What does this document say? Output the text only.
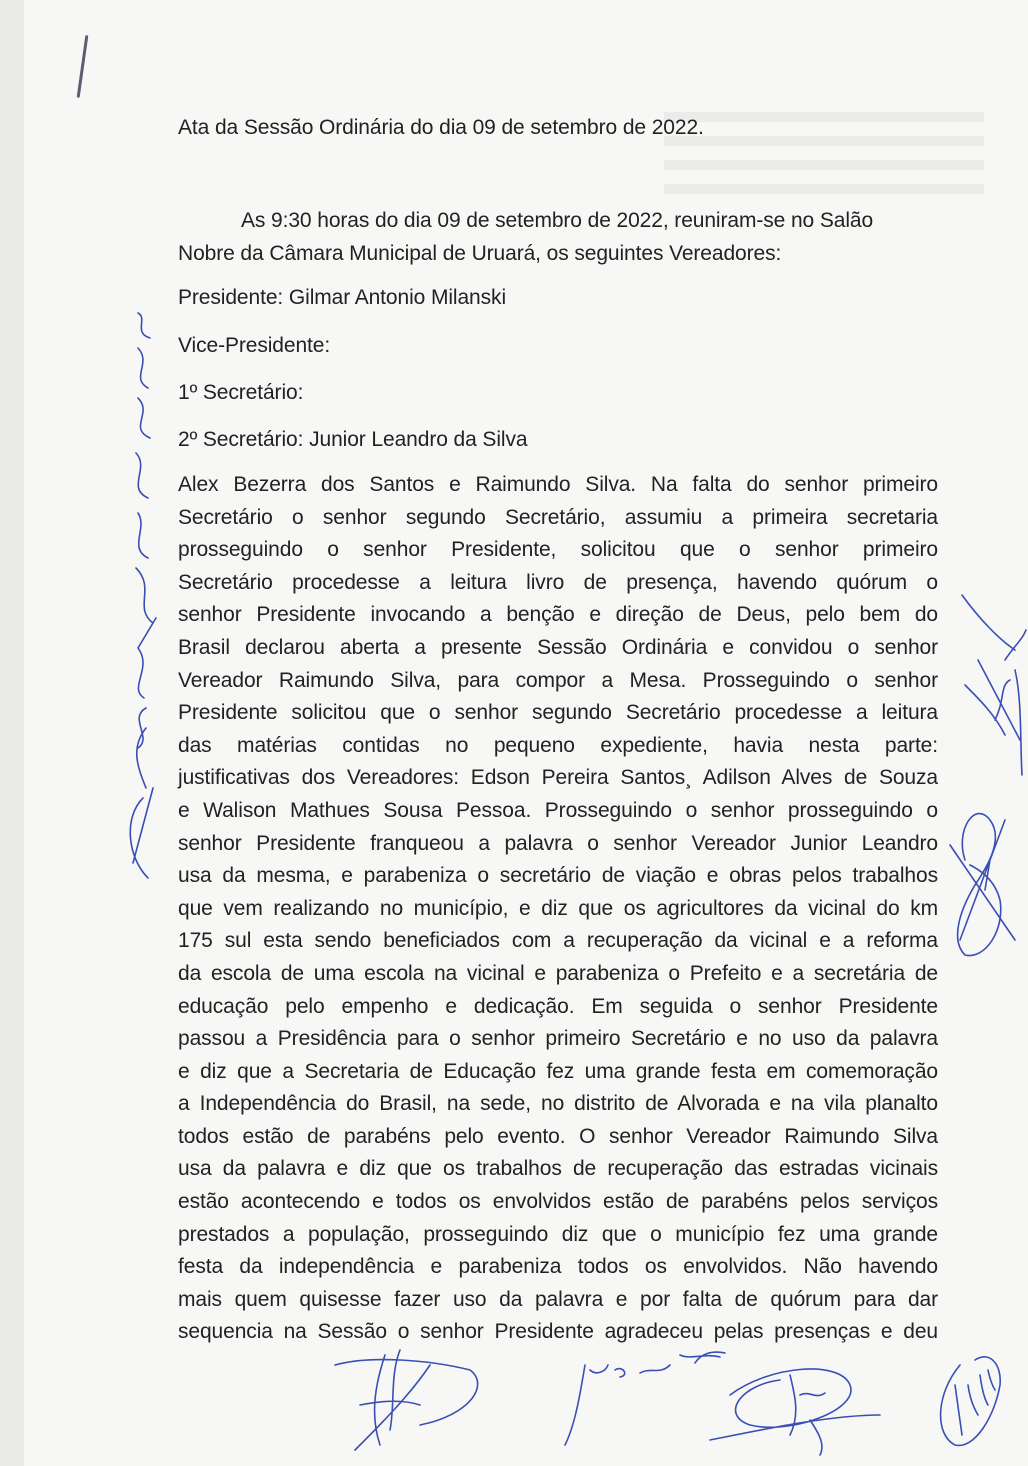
Ata da Sessão Ordinária do dia 09 de setembro de 2022.
As 9:30 horas do dia 09 de setembro de 2022, reuniram-se no Salão
Nobre da Câmara Municipal de Uruará, os seguintes Vereadores:
Presidente: Gilmar Antonio Milanski
Vice-Presidente:
1º Secretário:
2º Secretário: Junior Leandro da Silva
Alex Bezerra dos Santos e Raimundo Silva. Na falta do senhor primeiro
Secretário o senhor segundo Secretário, assumiu a primeira secretaria
prosseguindo o senhor Presidente, solicitou que o senhor primeiro
Secretário procedesse a leitura livro de presença, havendo quórum o
senhor Presidente invocando a benção e direção de Deus, pelo bem do
Brasil declarou aberta a presente Sessão Ordinária e convidou o senhor
Vereador Raimundo Silva, para compor a Mesa. Prosseguindo o senhor
Presidente solicitou que o senhor segundo Secretário procedesse a leitura
das matérias contidas no pequeno expediente, havia nesta parte:
justificativas dos Vereadores: Edson Pereira Santos¸ Adilson Alves de Souza
e Walison Mathues Sousa Pessoa. Prosseguindo o senhor prosseguindo o
senhor Presidente franqueou a palavra o senhor Vereador Junior Leandro
usa da mesma, e parabeniza o secretário de viação e obras pelos trabalhos
que vem realizando no município, e diz que os agricultores da vicinal do km
175 sul esta sendo beneficiados com a recuperação da vicinal e a reforma
da escola de uma escola na vicinal e parabeniza o Prefeito e a secretária de
educação pelo empenho e dedicação. Em seguida o senhor Presidente
passou a Presidência para o senhor primeiro Secretário e no uso da palavra
e diz que a Secretaria de Educação fez uma grande festa em comemoração
a Independência do Brasil, na sede, no distrito de Alvorada e na vila planalto
todos estão de parabéns pelo evento. O senhor Vereador Raimundo Silva
usa da palavra e diz que os trabalhos de recuperação das estradas vicinais
estão acontecendo e todos os envolvidos estão de parabéns pelos serviços
prestados a população, prosseguindo diz que o município fez uma grande
festa da independência e parabeniza todos os envolvidos. Não havendo
mais quem quisesse fazer uso da palavra e por falta de quórum para dar
sequencia na Sessão o senhor Presidente agradeceu pelas presenças e deu
